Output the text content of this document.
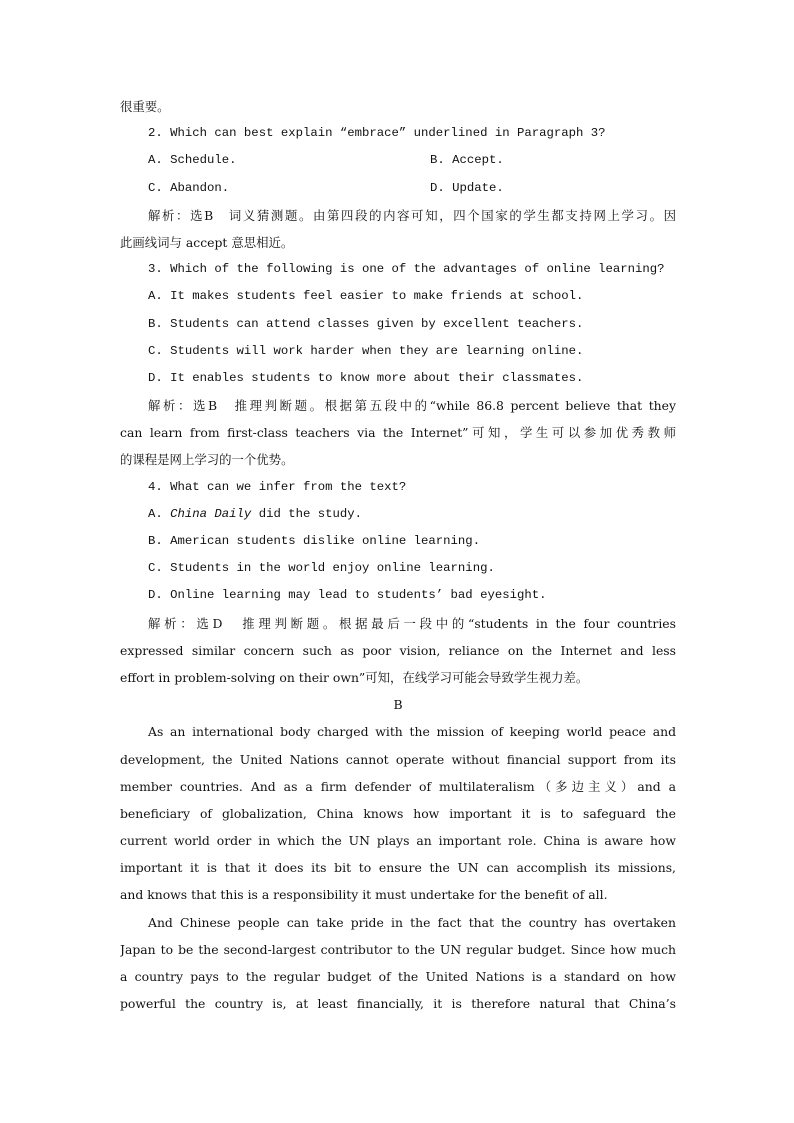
很重要。
2. Which can best explain “embrace” underlined in Paragraph 3?
A. Schedule.	B. Accept.
C. Abandon.	D. Update.
解析：选B　词义猜测题。由第四段的内容可知，四个国家的学生都支持网上学习。因
此画线词与 accept 意思相近。
3. Which of the following is one of the advantages of online learning?
A. It makes students feel easier to make friends at school.
B. Students can attend classes given by excellent teachers.
C. Students will work harder when they are learning online.
D. It enables students to know more about their classmates.
解析：选B　推理判断题。根据第五段中的“while 86.8 percent believe that they
can learn from first-class teachers via the Internet”可知，学生可以参加优秀教师
的课程是网上学习的一个优势。
4. What can we infer from the text?
A. China Daily did the study.
B. American students dislike online learning.
C. Students in the world enjoy online learning.
D. Online learning may lead to students’ bad eyesight.
解析：选D　推理判断题。根据最后一段中的“students in the four countries
expressed similar concern such as poor vision, reliance on the Internet and less
effort in problem-solving on their own”可知，在线学习可能会导致学生视力差。
B
As an international body charged with the mission of keeping world peace and
development, the United Nations cannot operate without financial support from its
member countries. And as a firm defender of multilateralism（多边主义）and a
beneficiary of globalization, China knows how important it is to safeguard the
current world order in which the UN plays an important role. China is aware how
important it is that it does its bit to ensure the UN can accomplish its missions,
and knows that this is a responsibility it must undertake for the benefit of all.
And Chinese people can take pride in the fact that the country has overtaken
Japan to be the second-largest contributor to the UN regular budget. Since how much
a country pays to the regular budget of the United Nations is a standard on how
powerful the country is, at least financially, it is therefore natural that China’s
